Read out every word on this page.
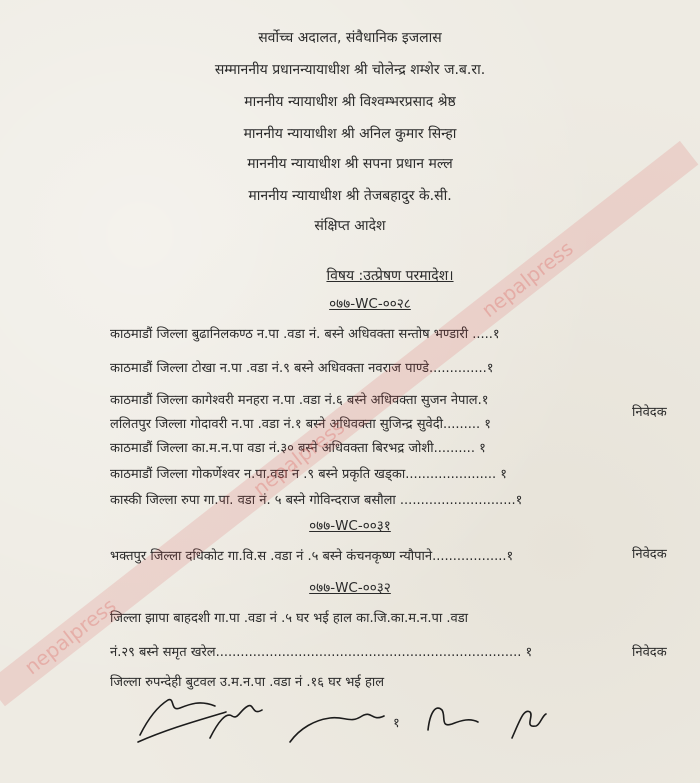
सर्वोच्च अदालत, संवैधानिक इजलास
सम्माननीय प्रधानन्यायाधीश श्री चोलेन्द्र शम्शेर ज.ब.रा.
माननीय न्यायाधीश श्री विश्वम्भरप्रसाद श्रेष्ठ
माननीय न्यायाधीश श्री अनिल कुमार सिन्हा
माननीय न्यायाधीश श्री सपना प्रधान मल्ल
माननीय न्यायाधीश श्री तेजबहादुर के.सी.
संक्षिप्त आदेश
विषय :उत्प्रेषण परमादेश।
०७७-WC-००२८
काठमाडौं जिल्ला बुढानिलकण्ठ न.पा .वडा नं. बस्ने अधिवक्ता सन्तोष भण्डारी .....१
काठमाडौं जिल्ला टोखा न.पा .वडा नं.९ बस्ने अधिवक्ता नवराज पाण्डे..............१
काठमाडौं जिल्ला कागेश्वरी मनहरा न.पा .वडा नं.६ बस्ने अधिवक्ता सुजन नेपाल.१
ललितपुर जिल्ला गोदावरी न.पा .वडा नं.१ बस्ने अधिवक्ता सुजिन्द्र सुवेदी......... १
काठमाडौं जिल्ला का.म.न.पा वडा नं.३० बस्ने अधिवक्ता बिरभद्र जोशी.......... १
काठमाडौं जिल्ला गोकर्णेश्वर न.पा.वडा न .९ बस्ने प्रकृति खड्का...................... १
कास्की जिल्ला रुपा गा.पा. वडा नं. ५ बस्ने गोविन्दराज बसौला ............................१
निवेदक
०७७-WC-००३१
भक्तपुर जिल्ला दधिकोट गा.वि.स .वडा नं .५ बस्ने कंचनकृष्ण न्यौपाने..................१	निवेदक
०७७-WC-००३२
जिल्ला झापा बाहदशी गा.पा .वडा नं .५ घर भई हाल का.जि.का.म.न.पा .वडा
नं.२९ बस्ने समृत खरेल.......................................................................... १
जिल्ला रुपन्देही बुटवल उ.म.न.पा .वडा नं .१६ घर भई हाल
निवेदक
१
nepalpress
nepalpress
nepalpress
